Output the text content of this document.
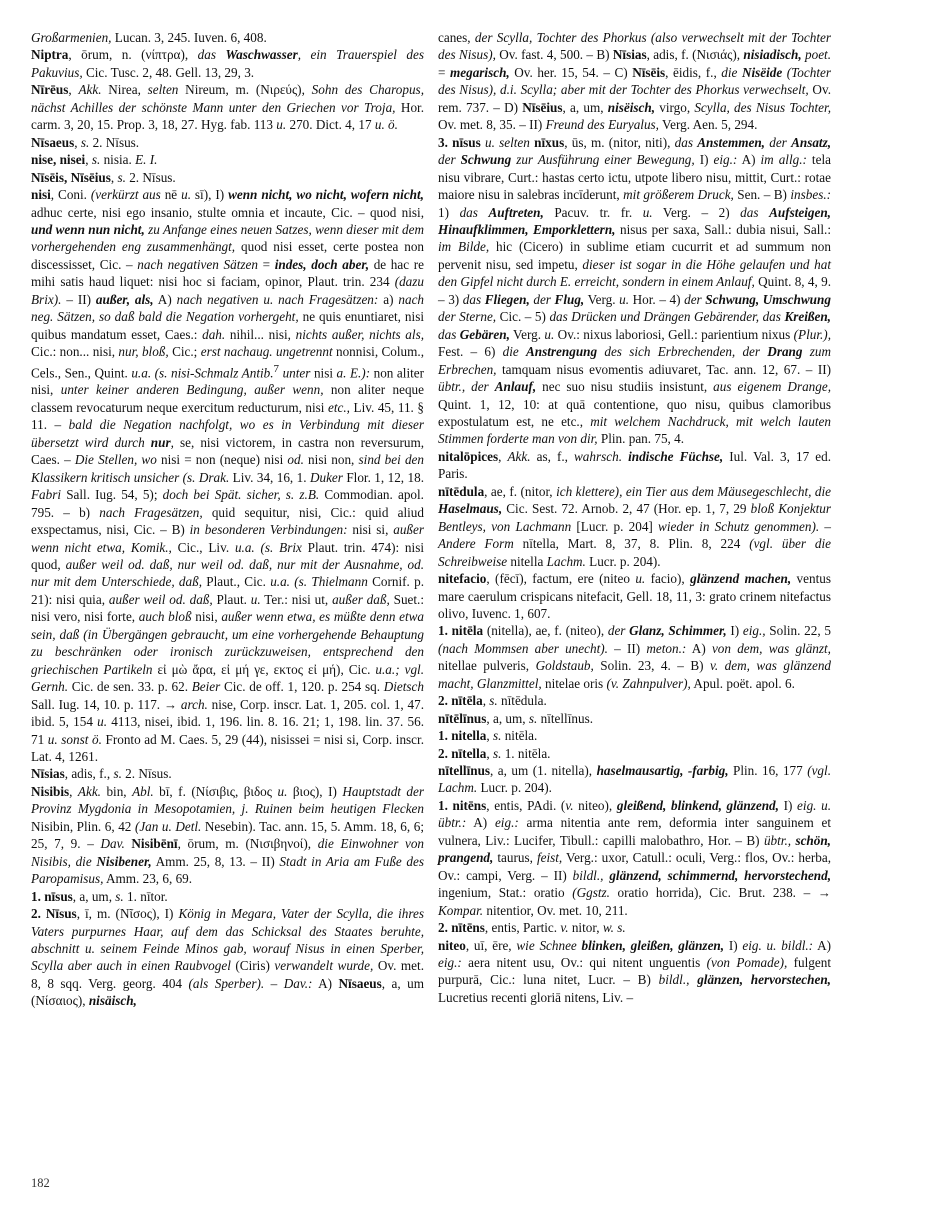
Großarmenien, Lucan. 3, 245. Iuven. 6, 408.

Niptra, ōrum, n. (νίπτρα), das Waschwasser, ein Trauerspiel des Pakuvius, Cic. Tusc. 2, 48. Gell. 13, 29, 3.

Nīrēus, Akk. Nirea, selten Nireum, m. (Νιρεύς), Sohn des Charopus, nächst Achilles der schönste Mann unter den Griechen vor Troja, Hor. carm. 3, 20, 15. Prop. 3, 18, 27. Hyg. fab. 113 u. 270. Dict. 4, 17 u. ö.

Nīsaeus, s. 2. Nīsus.

nise, nisei, s. nisia. E. I.

Nīsēis, Nīsēius, s. 2. Nīsus.

nisi, Coni. (verkürzt aus nē u. sī), I) wenn nicht, wo nicht, wofern nicht, adhuc certe, nisi ego insanio, stulte omnia et incaute, Cic. – quod nisi, und wenn nun nicht, zu Anfange eines neuen Satzes, wenn dieser mit dem vorhergehenden eng zusammenhängt, quod nisi esset, certe postea non discessisset, Cic. – nach negativen Sätzen = indes, doch aber, de hac re mihi satis haud liquet: nisi hoc si faciam, opinor, Plaut. trin. 234 (dazu Brix). – II) außer, als, A) nach negativen u. nach Fragesätzen: a) nach neg. Sätzen, so daß bald die Negation vorhergeht, ne quis enuntiaret, nisi quibus mandatum esset, Caes.: dah. nihil... nisi, nichts außer, nichts als, Cic.: non... nisi, nur, bloß, Cic.; erst nachaug. ungetrennt nonnisi, Colum., Cels., Sen., Quint. u.a. (s. nisi-Schmalz Antib.$^7$ unter nisi a. E.): non aliter nisi, unter keiner anderen Bedingung, außer wenn, non aliter neque classem revocaturum neque exercitum reducturum, nisi etc., Liv. 45, 11. § 11. – bald die Negation nachfolgt, wo es in Verbindung mit dieser übersetzt wird durch nur, se, nisi victorem, in castra non reversurum, Caes. – Die Stellen, wo nisi = non (neque) nisi od. nisi non, sind bei den Klassikern kritisch unsicher (s. Drak. Liv. 34, 16, 1. Duker Flor. 1, 12, 18. Fabri Sall. Iug. 54, 5); doch bei Spät. sicher, s. z.B. Commodian. apol. 795. – b) nach Fragesätzen, quid sequitur, nisi, Cic.: quid aliud exspectamus, nisi, Cic. – B) in besonderen Verbindungen: nisi si, außer wenn nicht etwa, Komik., Cic., Liv. u.a. (s. Brix Plaut. trin. 474): nisi quod, außer weil od. daß, nur weil od. daß, nur mit der Ausnahme, od. nur mit dem Unterschiede, daß, Plaut., Cic. u.a. (s. Thielmann Cornif. p. 21): nisi quia, außer weil od. daß, Plaut. u. Ter.: nisi ut, außer daß, Suet.: nisi vero, nisi forte, auch bloß nisi, außer wenn etwa, es müßte denn etwa sein, daß (in Übergängen gebraucht, um eine vorhergehende Behauptung zu beschränken oder ironisch zurückzuweisen, entsprechend den griechischen Partikeln εἰ μὼ ἄρα, εἰ μή γε, εκτος εἰ μή), Cic. u.a.; vgl. Gernh. Cic. de sen. 33. p. 62. Beier Cic. de off. 1, 120. p. 254 sq. Dietsch Sall. Iug. 14, 10. p. 117. → arch. nise, Corp. inscr. Lat. 1, 205. col. 1, 47. ibid. 5, 154 u. 4113, nisei, ibid. 1, 196. lin. 8. 16. 21; 1, 198. lin. 37. 56. 71 u. sonst ö. Fronto ad M. Caes. 5, 29 (44), nisissei = nisi si, Corp. inscr. Lat. 4, 1261.

Nīsias, adis, f., s. 2. Nīsus.

Nisibis, Akk. bin, Abl. bī, f. (Νίσιβις, βιδος u. βιος), I) Hauptstadt der Provinz Mygdonia in Mesopotamien, j. Ruinen beim heutigen Flecken Nisibin, Plin. 6, 42 (Jan u. Detl. Nesebin). Tac. ann. 15, 5. Amm. 18, 6, 6; 25, 7, 9. – Dav. Nisibēnī, ōrum, m. (Νισιβηνοί), die Einwohner von Nisibis, die Nisibener, Amm. 25, 8, 13. – II) Stadt in Aria am Fuße des Paropamisus, Amm. 23, 6, 69.

1. nīsus, a, um, s. 1. nītor.

2. Nīsus, ī, m. (Νῖσος), I) König in Megara, Vater der Scylla, die ihres Vaters purpurnes Haar, auf dem das Schicksal des Staates beruhte, abschnitt u. seinem Feinde Minos gab, worauf Nisus in einen Sperber, Scylla aber auch in einen Raubvogel (Ciris) verwandelt wurde, Ov. met. 8, 8 sqq. Verg. georg. 404 (als Sperber). – Dav.: A) Nīsaeus, a, um (Νίσαιος), nisäisch,

canes, der Scylla, Tochter des Phorkus (also verwechselt mit der Tochter des Nisus), Ov. fast. 4, 500. – B) Nīsias, adis, f. (Νισιάς), nisiadisch, poet. = megarisch, Ov. her. 15, 54. – C) Nīsēis, ēidis, f., die Nisëide (Tochter des Nisus), d.i. Scylla; aber mit der Tochter des Phorkus verwechselt, Ov. rem. 737. – D) Nīsēius, a, um, nisëisch, virgo, Scylla, des Nisus Tochter, Ov. met. 8, 35. – II) Freund des Euryalus, Verg. Aen. 5, 294.

3. nīsus u. selten nīxus, ūs, m. (nitor, niti), das Anstemmen, der Ansatz, der Schwung zur Ausführung einer Bewegung, I) eig.: A) im allg.: tela nisu vibrare, Curt.: hastas certo ictu, utpote libero nisu, mittit, Curt.: rotae maiore nisu in salebras incīderunt, mit größerem Druck, Sen. – B) insbes.: 1) das Auftreten, Pacuv. tr. fr. u. Verg. – 2) das Aufsteigen, Hinaufklimmen, Emporklettern, nisus per saxa, Sall.: dubia nisui, Sall.: im Bilde, hic (Cicero) in sublime etiam cucurrit et ad summum non pervenit nisu, sed impetu, dieser ist sogar in die Höhe gelaufen und hat den Gipfel nicht durch E. erreicht, sondern in einem Anlauf, Quint. 8, 4, 9. – 3) das Fliegen, der Flug, Verg. u. Hor. – 4) der Schwung, Umschwung der Sterne, Cic. – 5) das Drücken und Drängen Gebärender, das Kreißen, das Gebären, Verg. u. Ov.: nixus laboriosi, Gell.: parientium nixus (Plur.), Fest. – 6) die Anstrengung des sich Erbrechenden, der Drang zum Erbrechen, tamquam nisus evomentis adiuvaret, Tac. ann. 12, 67. – II) übtr., der Anlauf, nec suo nisu studiis insistunt, aus eigenem Drange, Quint. 1, 12, 10: at quā contentione, quo nisu, quibus clamoribus expostulatum est, ne etc., mit welchem Nachdruck, mit welch lauten Stimmen forderte man von dir, Plin. pan. 75, 4.

nitalōpices, Akk. as, f., wahrsch. indische Füchse, Iul. Val. 3, 17 ed. Paris.

nītēdula, ae, f. (nitor, ich klettere), ein Tier aus dem Mäusegeschlecht, die Haselmaus, Cic. Sest. 72. Arnob. 2, 47 (Hor. ep. 1, 7, 29 bloß Konjektur Bentleys, von Lachmann [Lucr. p. 204] wieder in Schutz genommen). – Andere Form nītella, Mart. 8, 37, 8. Plin. 8, 224 (vgl. über die Schreibweise nitella Lachm. Lucr. p. 204).

nitefacio, (fēcī), factum, ere (niteo u. facio), glänzend machen, ventus mare caerulum crispicans nitefacit, Gell. 18, 11, 3: grato crinem nitefactus olivo, Iuvenc. 1, 607.

1. nitēla (nitella), ae, f. (niteo), der Glanz, Schimmer, I) eig., Solin. 22, 5 (nach Mommsen aber unecht). – II) meton.: A) von dem, was glänzt, nitellae pulveris, Goldstaub, Solin. 23, 4. – B) v. dem, was glänzend macht, Glanzmittel, nitelae oris (v. Zahnpulver), Apul. poët. apol. 6.

2. nītēla, s. nītēdula.

nītēlīnus, a, um, s. nītellīnus.

1. nitella, s. nitēla.

2. nītella, s. 1. nitēla.

nītellīnus, a, um (1. nitella), haselmausartig, -farbig, Plin. 16, 177 (vgl. Lachm. Lucr. p. 204).

1. nitēns, entis, PAdi. (v. niteo), gleißend, blinkend, glänzend, I) eig. u. übtr.: A) eig.: arma nitentia ante rem, deformia inter sanguinem et vulnera, Liv.: Lucifer, Tibull.: capilli malobathro, Hor. – B) übtr., schön, prangend, taurus, feist, Verg.: uxor, Catull.: oculi, Verg.: flos, Ov.: herba, Ov.: campi, Verg. – II) bildl., glänzend, schimmernd, hervorstechend, ingenium, Stat.: oratio (Ggstz. oratio horrida), Cic. Brut. 238. – → Kompar. nitentior, Ov. met. 10, 211.

2. nītēns, entis, Partic. v. nitor, w. s.

niteo, uī, ēre, wie Schnee blinken, gleißen, glänzen, I) eig. u. bildl.: A) eig.: aera nitent usu, Ov.: qui nitent unguentis (von Pomade), fulgent purpurā, Cic.: luna nitet, Lucr. – B) bildl., glänzen, hervorstechen, Lucretius recenti gloriā nitens, Liv. –

182
